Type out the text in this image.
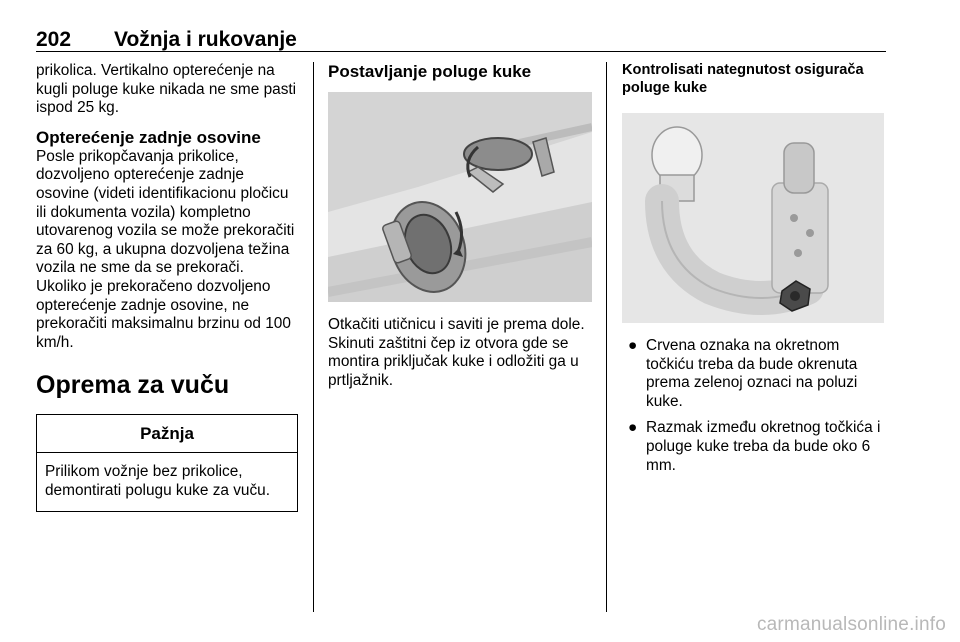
202 Vožnja i rukovanje

prikolica. Vertikalno opterećenje na kugli poluge kuke nikada ne sme pasti ispod 25 kg.

Opterećenje zadnje osovine

Posle prikopčavanja prikolice, dozvoljeno opterećenje zadnje osovine (videti identifikacionu pločicu ili dokumenta vozila) kompletno utovarenog vozila se može prekoračiti za 60 kg, a ukupna dozvoljena težina vozila ne sme da se prekorači. Ukoliko je prekoračeno dozvoljeno opterećenje zadnje osovine, ne prekoračiti maksimalnu brzinu od 100 km/h.

Oprema za vuču
Pažnja
Prilikom vožnje bez prikolice, demontirati polugu kuke za vuču.
Postavljanje poluge kuke

Otkačiti utičnicu i saviti je prema dole. Skinuti zaštitni čep iz otvora gde se montira priključak kuke i odložiti ga u prtljažnik.

Kontrolisati nategnutost osigurača poluge kuke
● Crvena oznaka na okretnom točkiću treba da bude okrenuta prema zelenoj oznaci na poluzi kuke.
● Razmak između okretnog točkića i poluge kuke treba da bude oko 6 mm.
carmanualsonline.info
